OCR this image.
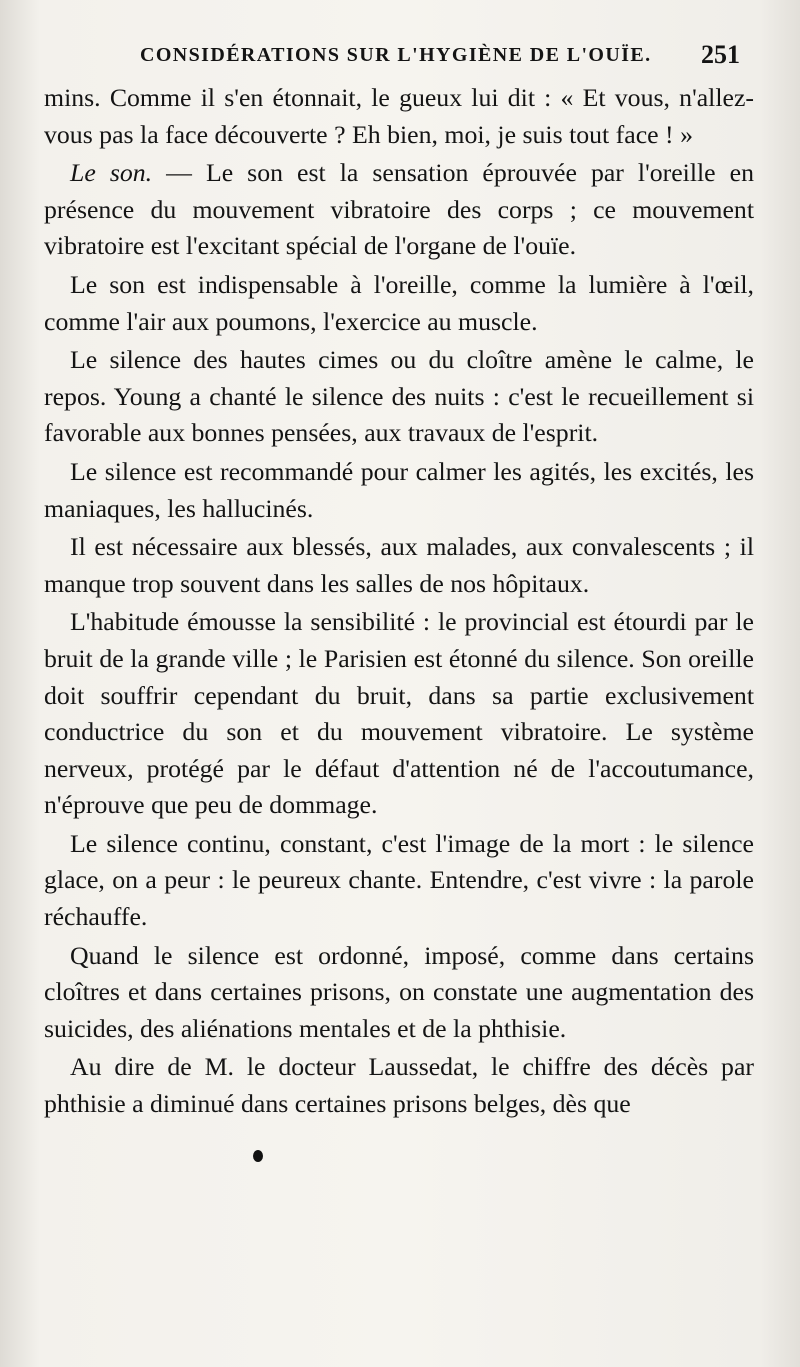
CONSIDÉRATIONS SUR L'HYGIÈNE DE L'OUÏE. 251

mins. Comme il s'en étonnait, le gueux lui dit : « Et vous, n'allez-vous pas la face découverte ? Eh bien, moi, je suis tout face ! »

Le son. — Le son est la sensation éprouvée par l'oreille en présence du mouvement vibratoire des corps ; ce mouvement vibratoire est l'excitant spécial de l'organe de l'ouïe.

Le son est indispensable à l'oreille, comme la lumière à l'œil, comme l'air aux poumons, l'exercice au muscle.

Le silence des hautes cimes ou du cloître amène le calme, le repos. Young a chanté le silence des nuits : c'est le recueillement si favorable aux bonnes pensées, aux travaux de l'esprit.

Le silence est recommandé pour calmer les agités, les excités, les maniaques, les hallucinés.

Il est nécessaire aux blessés, aux malades, aux convalescents ; il manque trop souvent dans les salles de nos hôpitaux.

L'habitude émousse la sensibilité : le provincial est étourdi par le bruit de la grande ville ; le Parisien est étonné du silence. Son oreille doit souffrir cependant du bruit, dans sa partie exclusivement conductrice du son et du mouvement vibratoire. Le système nerveux, protégé par le défaut d'attention né de l'accoutumance, n'éprouve que peu de dommage.

Le silence continu, constant, c'est l'image de la mort : le silence glace, on a peur : le peureux chante. Entendre, c'est vivre : la parole réchauffe.

Quand le silence est ordonné, imposé, comme dans certains cloîtres et dans certaines prisons, on constate une augmentation des suicides, des aliénations mentales et de la phthisie.

Au dire de M. le docteur Laussedat, le chiffre des décès par phthisie a diminué dans certaines prisons belges, dès que
